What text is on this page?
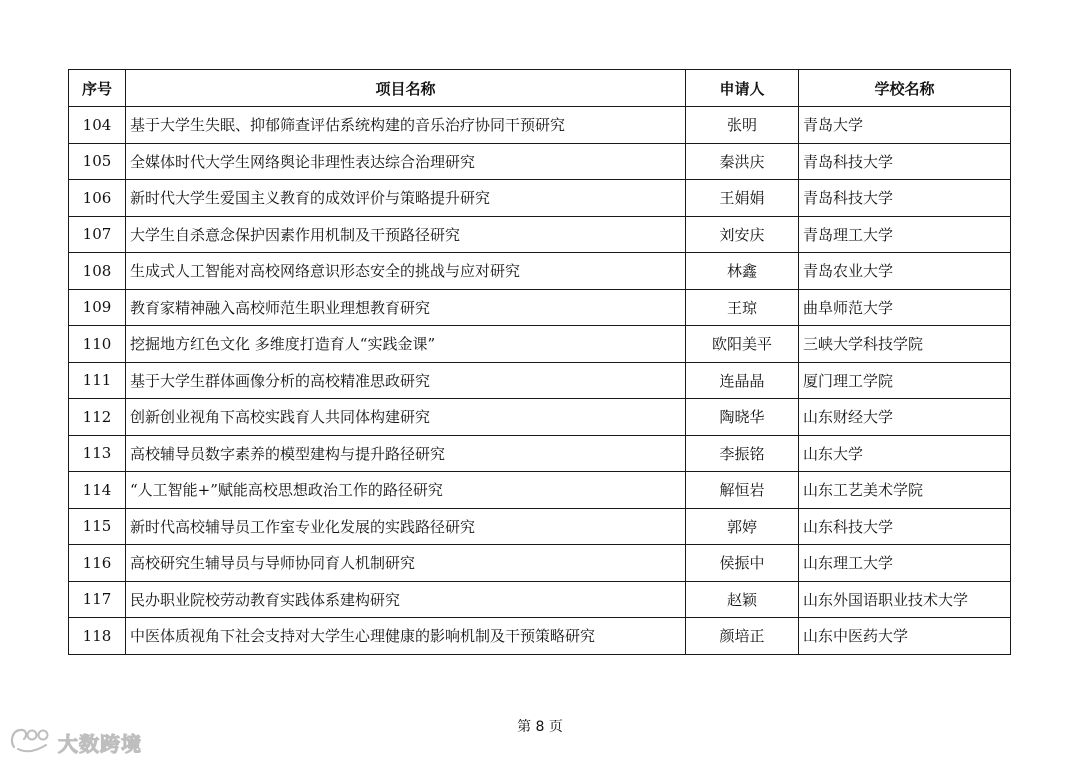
序号	项目名称	申请人	学校名称
104	基于大学生失眠、抑郁筛查评估系统构建的音乐治疗协同干预研究	张明	青岛大学
105	全媒体时代大学生网络舆论非理性表达综合治理研究	秦洪庆	青岛科技大学
106	新时代大学生爱国主义教育的成效评价与策略提升研究	王娟娟	青岛科技大学
107	大学生自杀意念保护因素作用机制及干预路径研究	刘安庆	青岛理工大学
108	生成式人工智能对高校网络意识形态安全的挑战与应对研究	林鑫	青岛农业大学
109	教育家精神融入高校师范生职业理想教育研究	王琼	曲阜师范大学
110	挖掘地方红色文化 多维度打造育人“实践金课”	欧阳美平	三峡大学科技学院
111	基于大学生群体画像分析的高校精准思政研究	连晶晶	厦门理工学院
112	创新创业视角下高校实践育人共同体构建研究	陶晓华	山东财经大学
113	高校辅导员数字素养的模型建构与提升路径研究	李振铭	山东大学
114	“人工智能+”赋能高校思想政治工作的路径研究	解恒岩	山东工艺美术学院
115	新时代高校辅导员工作室专业化发展的实践路径研究	郭婷	山东科技大学
116	高校研究生辅导员与导师协同育人机制研究	侯振中	山东理工大学
117	民办职业院校劳动教育实践体系建构研究	赵颖	山东外国语职业技术大学
118	中医体质视角下社会支持对大学生心理健康的影响机制及干预策略研究	颜培正	山东中医药大学
第 8 页
大数跨境
